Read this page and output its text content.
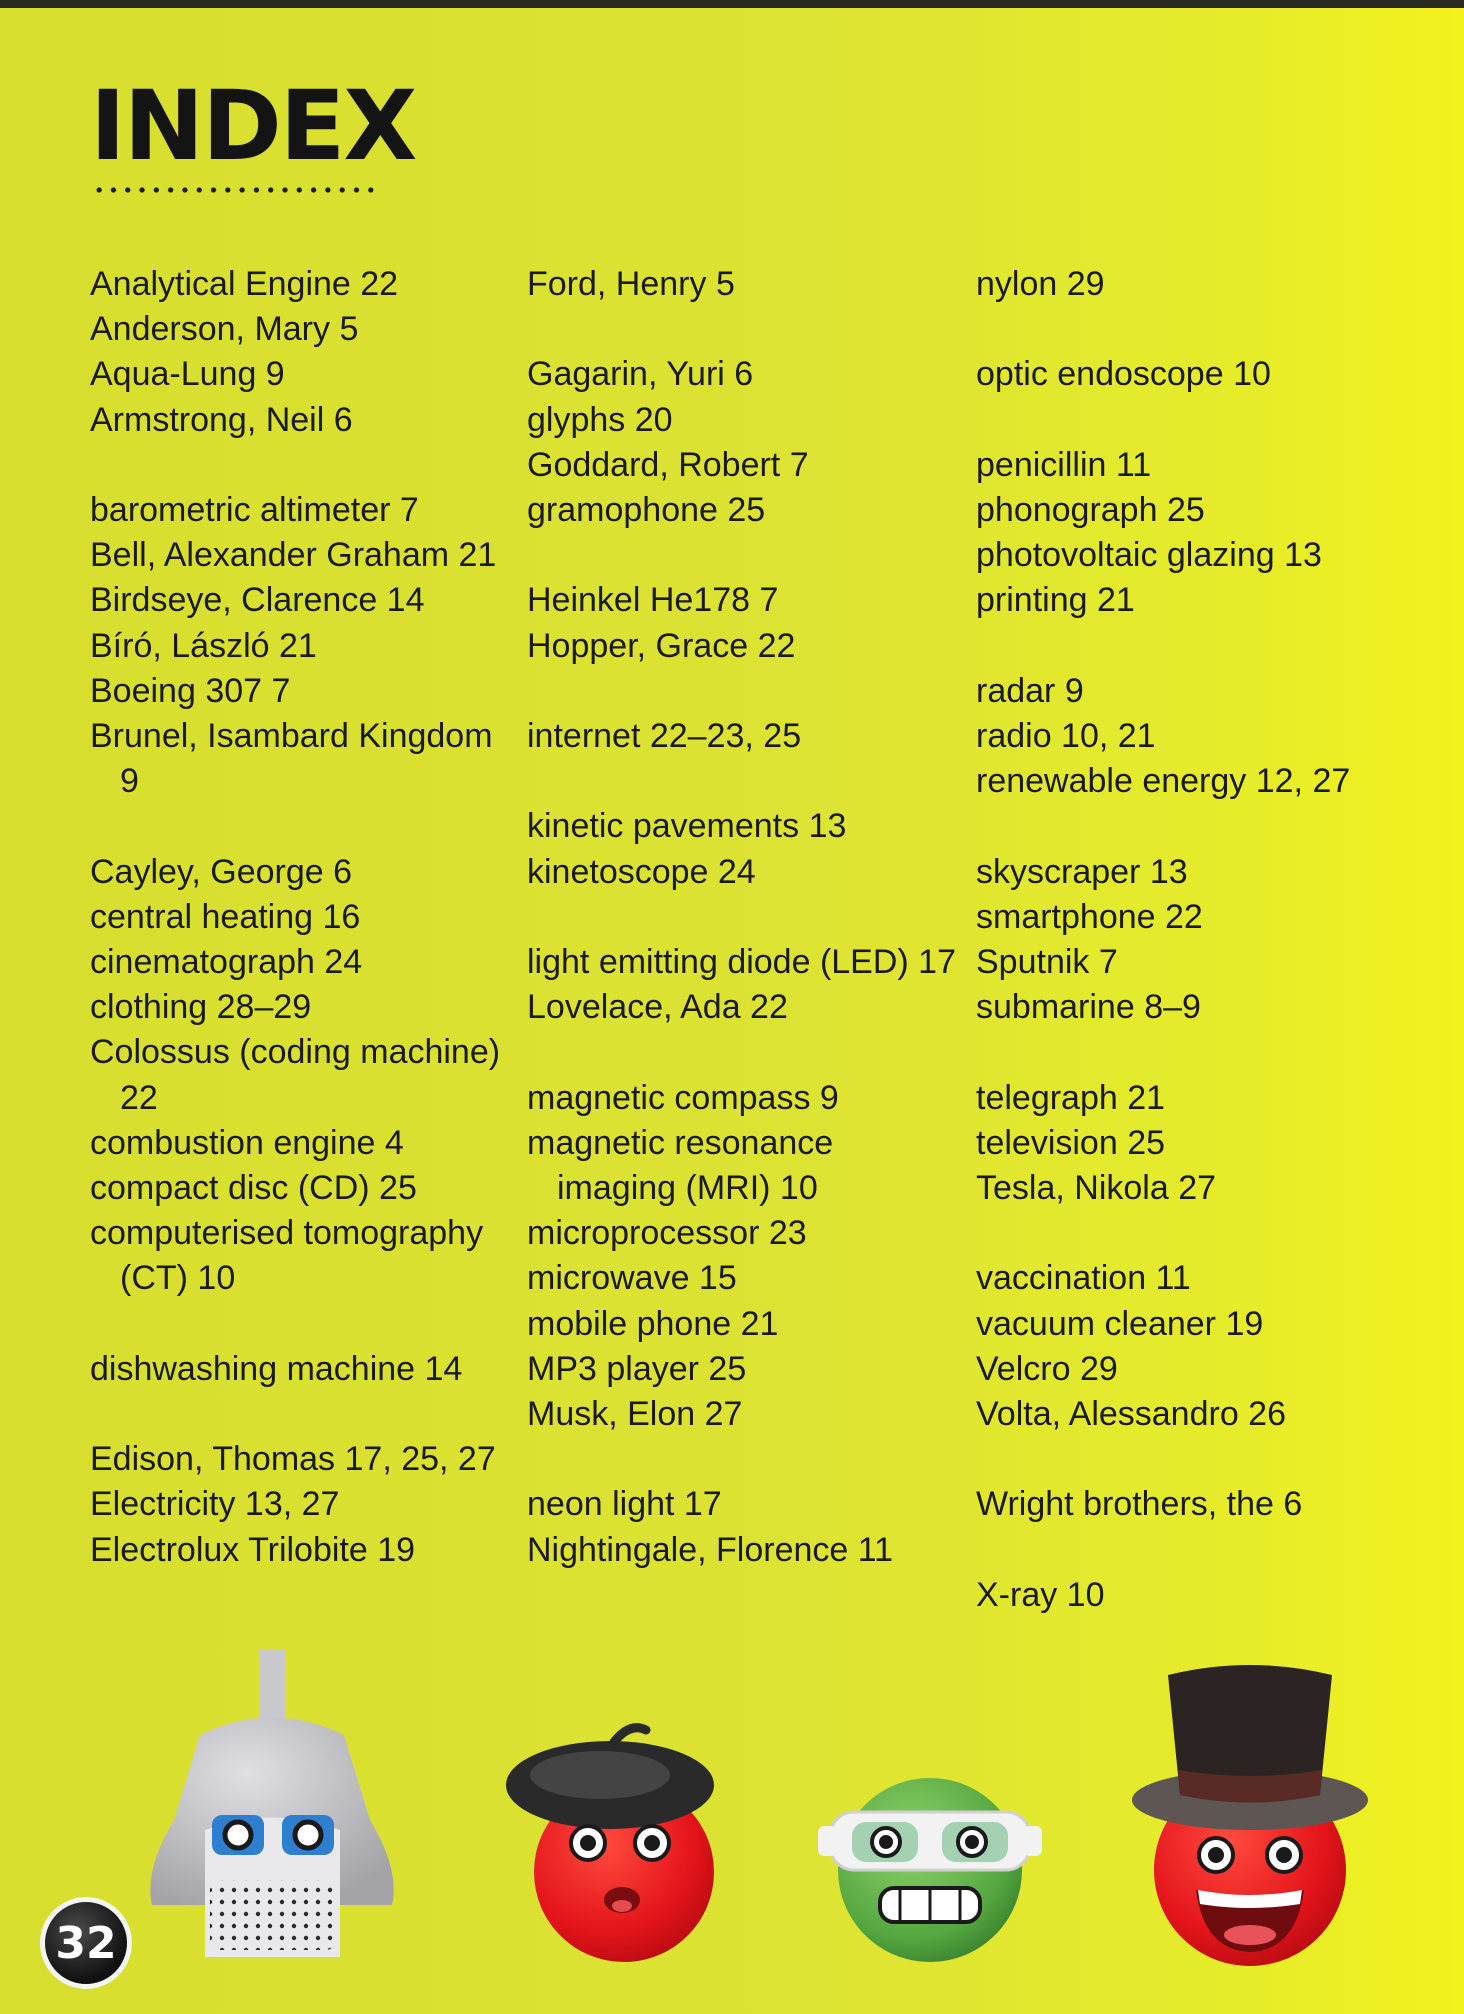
INDEX
Analytical Engine 22
Anderson, Mary 5
Aqua-Lung 9
Armstrong, Neil 6
barometric altimeter 7
Bell, Alexander Graham 21
Birdseye, Clarence 14
Bíró, László 21
Boeing 307 7
Brunel, Isambard Kingdom 9
Cayley, George 6
central heating 16
cinematograph 24
clothing 28–29
Colossus (coding machine) 22
combustion engine 4
compact disc (CD) 25
computerised tomography (CT) 10
dishwashing machine 14
Edison, Thomas 17, 25, 27
Electricity 13, 27
Electrolux Trilobite 19
Ford, Henry 5
Gagarin, Yuri 6
glyphs 20
Goddard, Robert 7
gramophone 25
Heinkel He178 7
Hopper, Grace 22
internet 22–23, 25
kinetic pavements 13
kinetoscope 24
light emitting diode (LED) 17
Lovelace, Ada 22
magnetic compass 9
magnetic resonance imaging (MRI) 10
microprocessor 23
microwave 15
mobile phone 21
MP3 player 25
Musk, Elon 27
neon light 17
Nightingale, Florence 11
nylon 29
optic endoscope 10
penicillin 11
phonograph 25
photovoltaic glazing 13
printing 21
radar 9
radio 10, 21
renewable energy 12, 27
skyscraper 13
smartphone 22
Sputnik 7
submarine 8–9
telegraph 21
television 25
Tesla, Nikola 27
vaccination 11
vacuum cleaner 19
Velcro 29
Volta, Alessandro 26
Wright brothers, the 6
X-ray 10
32
